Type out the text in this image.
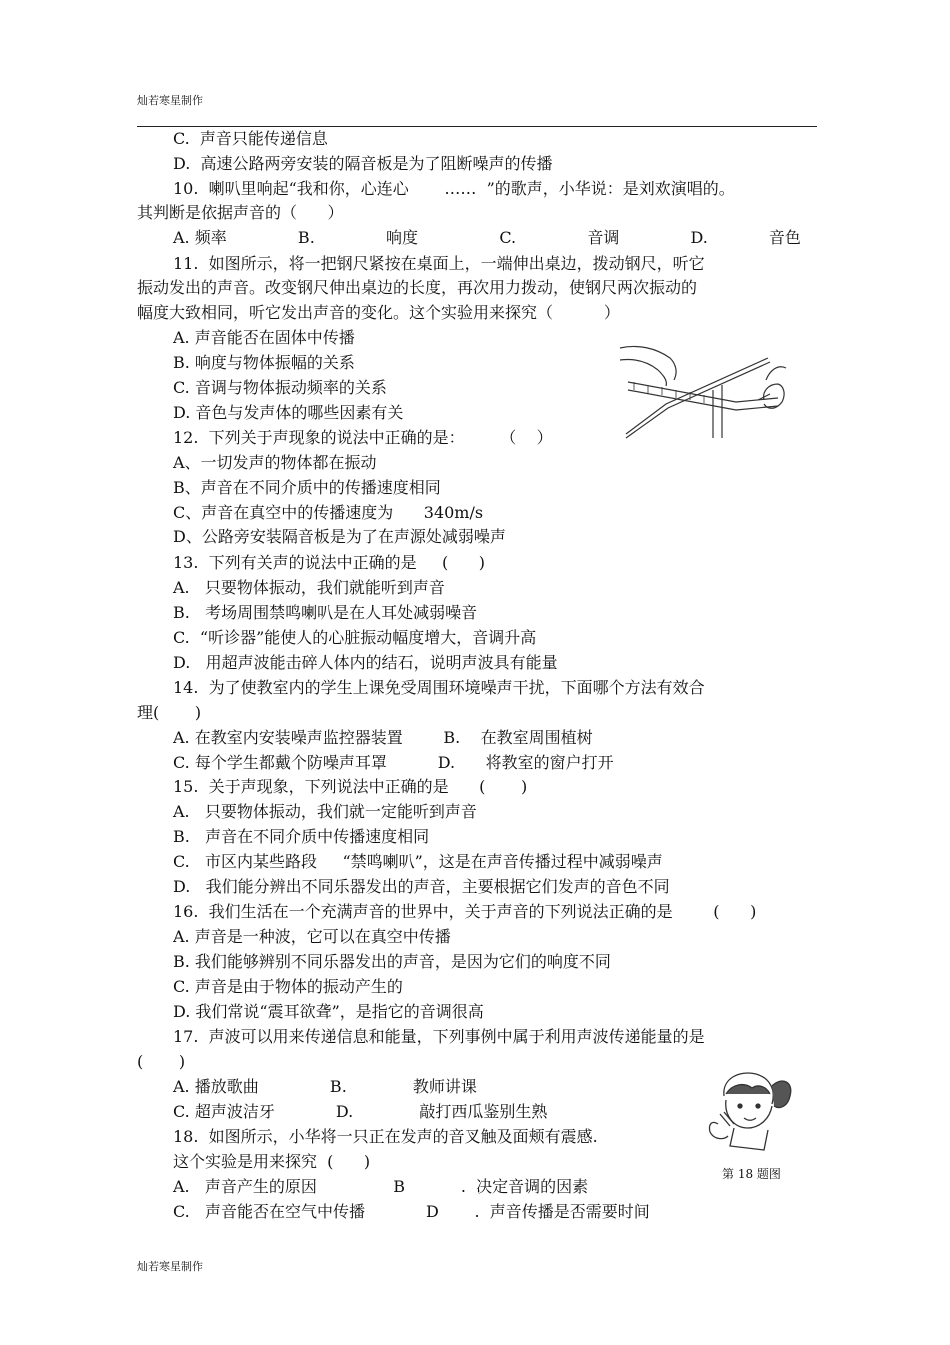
灿若寒星制作
C.  声音只能传递信息
D.  高速公路两旁安装的隔音板是为了阻断噪声的传播
10.  喇叭里响起“我和你，心连心       ……  ”的歌声，小华说：是刘欢演唱的。
其判断是依据声音的（      ）
A. 频率              B.              响度                C.              音调              D.            音色
11.  如图所示，将一把钢尺紧按在桌面上，一端伸出桌边，拨动钢尺，听它
振动发出的声音。改变钢尺伸出桌边的长度，再次用力拨动，使钢尺两次振动的
幅度大致相同，听它发出声音的变化。这个实验用来探究（          ）
A. 声音能否在固体中传播
B. 响度与物体振幅的关系
C. 音调与物体振动频率的关系
D. 音色与发声体的哪些因素有关
12.  下列关于声现象的说法中正确的是：       （    ）
A、一切发声的物体都在振动
B、声音在不同介质中的传播速度相同
C、声音在真空中的传播速度为      340m/s
D、公路旁安装隔音板是为了在声源处减弱噪声
13.  下列有关声的说法中正确的是     (      )
A.   只要物体振动，我们就能听到声音
B.   考场周围禁鸣喇叭是在人耳处减弱噪音
C.  “听诊器”能使人的心脏振动幅度增大，音调升高
D.   用超声波能击碎人体内的结石，说明声波具有能量
14.  为了使教室内的学生上课免受周围环境噪声干扰，下面哪个方法有效合
理(       )
A. 在教室内安装噪声监控器装置        B.    在教室周围植树
C. 每个学生都戴个防噪声耳罩          D.      将教室的窗户打开
15.  关于声现象，下列说法中正确的是      (       )
A.   只要物体振动，我们就一定能听到声音
B.   声音在不同介质中传播速度相同
C.   市区内某些路段     “禁鸣喇叭”，这是在声音传播过程中减弱噪声
D.   我们能分辨出不同乐器发出的声音，主要根据它们发声的音色不同
16.  我们生活在一个充满声音的世界中，关于声音的下列说法正确的是        (      )
A. 声音是一种波，它可以在真空中传播
B. 我们能够辨别不同乐器发出的声音，是因为它们的响度不同
C. 声音是由于物体的振动产生的
D. 我们常说“震耳欲聋”，是指它的音调很高
17.  声波可以用来传递信息和能量，下列事例中属于利用声波传递能量的是
(       )
A. 播放歌曲              B.             教师讲课
C. 超声波洁牙            D.             敲打西瓜鉴别生熟
18.  如图所示，小华将一只正在发声的音叉触及面颊有震感.
这个实验是用来探究  (      )
A.   声音产生的原因               B           .  决定音调的因素
C.   声音能否在空气中传播            D       .  声音传播是否需要时间
第 18 题图
灿若寒星制作
